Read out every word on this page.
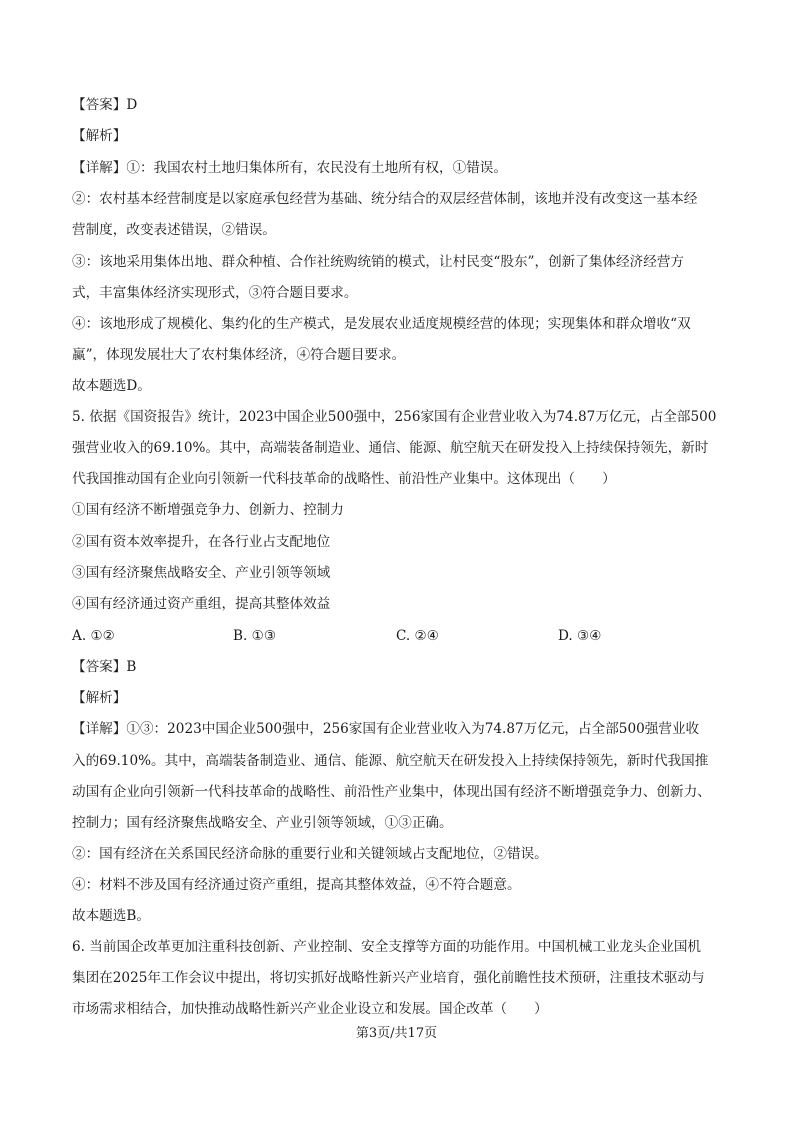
【答案】D
【解析】
【详解】①：我国农村土地归集体所有，农民没有土地所有权，①错误。
②：农村基本经营制度是以家庭承包经营为基础、统分结合的双层经营体制，该地并没有改变这一基本经
营制度，改变表述错误，②错误。
③：该地采用集体出地、群众种植、合作社统购统销的模式，让村民变“股东”，创新了集体经济经营方
式，丰富集体经济实现形式，③符合题目要求。
④：该地形成了规模化、集约化的生产模式，是发展农业适度规模经营的体现；实现集体和群众增收“双
赢”，体现发展壮大了农村集体经济，④符合题目要求。
故本题选D。
5. 依据《国资报告》统计，2023中国企业500强中，256家国有企业营业收入为74.87万亿元，占全部500
强营业收入的69.10%。其中，高端装备制造业、通信、能源、航空航天在研发投入上持续保持领先，新时
代我国推动国有企业向引领新一代科技革命的战略性、前沿性产业集中。这体现出（　　）
①国有经济不断增强竞争力、创新力、控制力
②国有资本效率提升，在各行业占支配地位
③国有经济聚焦战略安全、产业引领等领域
④国有经济通过资产重组，提高其整体效益
A. ①②	B. ①③	C. ②④	D. ③④
【答案】B
【解析】
【详解】①③：2023中国企业500强中，256家国有企业营业收入为74.87万亿元，占全部500强营业收
入的69.10%。其中，高端装备制造业、通信、能源、航空航天在研发投入上持续保持领先，新时代我国推
动国有企业向引领新一代科技革命的战略性、前沿性产业集中，体现出国有经济不断增强竞争力、创新力、
控制力；国有经济聚焦战略安全、产业引领等领域，①③正确。
②：国有经济在关系国民经济命脉的重要行业和关键领域占支配地位，②错误。
④：材料不涉及国有经济通过资产重组，提高其整体效益，④不符合题意。
故本题选B。
6. 当前国企改革更加注重科技创新、产业控制、安全支撑等方面的功能作用。中国机械工业龙头企业国机
集团在2025年工作会议中提出，将切实抓好战略性新兴产业培育，强化前瞻性技术预研，注重技术驱动与
市场需求相结合，加快推动战略性新兴产业企业设立和发展。国企改革（　　）
第3页/共17页
